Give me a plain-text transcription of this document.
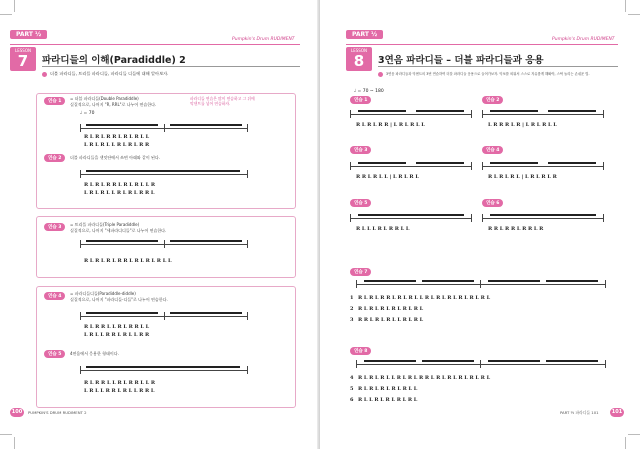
PART ½
Pumpkin's Drum RUDIMENT
LESSON
7	파라디들의 이해(Paradiddle) 2
더블 파라디들, 트리플 파라디들, 파라디들 디들에 대해 알아보자.
연습 1
= 더블 파라디들(Double Paradiddle)
실질적으로, 나머지 "R, RRL"로 나누어 연습한다.
파라디들 연습은 많이 연습하고 그 뒤에
악센트를 넣어 연습하자.
♩ = 70
R L R L R R L R L R L L
L R L R L L R L R L R R
연습 2	더블 파라디들을 셋잇단에서 쓰면 아래와 같이 된다.
R L R L R R L R L R L L R
L R L R L L R L R L R R L
연습 3
= 트리플 파라디들(Triple Paradiddle)
실질적으로, 나머지 "세파라디디들"로 나누어 연습한다.
R L R L R L R R L R L R L R L L
연습 4
= 파라디들디들(Paradiddle-diddle)
실질적으로, 나머지 "파라디들-디들"로 나누어 연습한다.
R L R R L L R L R R L L
L R L L R R L R L L R R
연습 5	4연음에서 응용한 형태이다.
R L R R L L R L R R L L R
L R L L R R L R L L R R L
100	PUMPKIN'S DRUM RUDIMENT 2
PART ½
Pumpkin's Drum RUDIMENT
LESSON
8	3연음 파라디들 – 더블 파라디들과 응용
3연음 파라디들과 악센트의 3번 연습하여 더블 파라디들 응용으로 들어가보자. 악보를 외워서 스스로 자유롭게 해봐야, 스틱 놀리는 손쉬운 법.
♩ = 70 ~ 180
연습 1
R L R L R R | L R L R L L
연습 2
L R R R L R | L R L R L L
연습 3
R R L R L L | L R L R L
연습 4
R L R L R L | L R L R L R
연습 5
R L L L R L R R L L
연습 6
R R L R R L R R L R
연습 7
1 R L R L R R L R L R L L R L R L R L R L R L R L
2 R L R L R L R L R L R L
3 R R L R L R L L R L R L
연습 8
4 R L R L R L L R L R L R R L R L R L R L R L R L
5 R L R L R L R L R L L
6 R L L R L R L R L R L
PART ½ 파라디들 101	101
